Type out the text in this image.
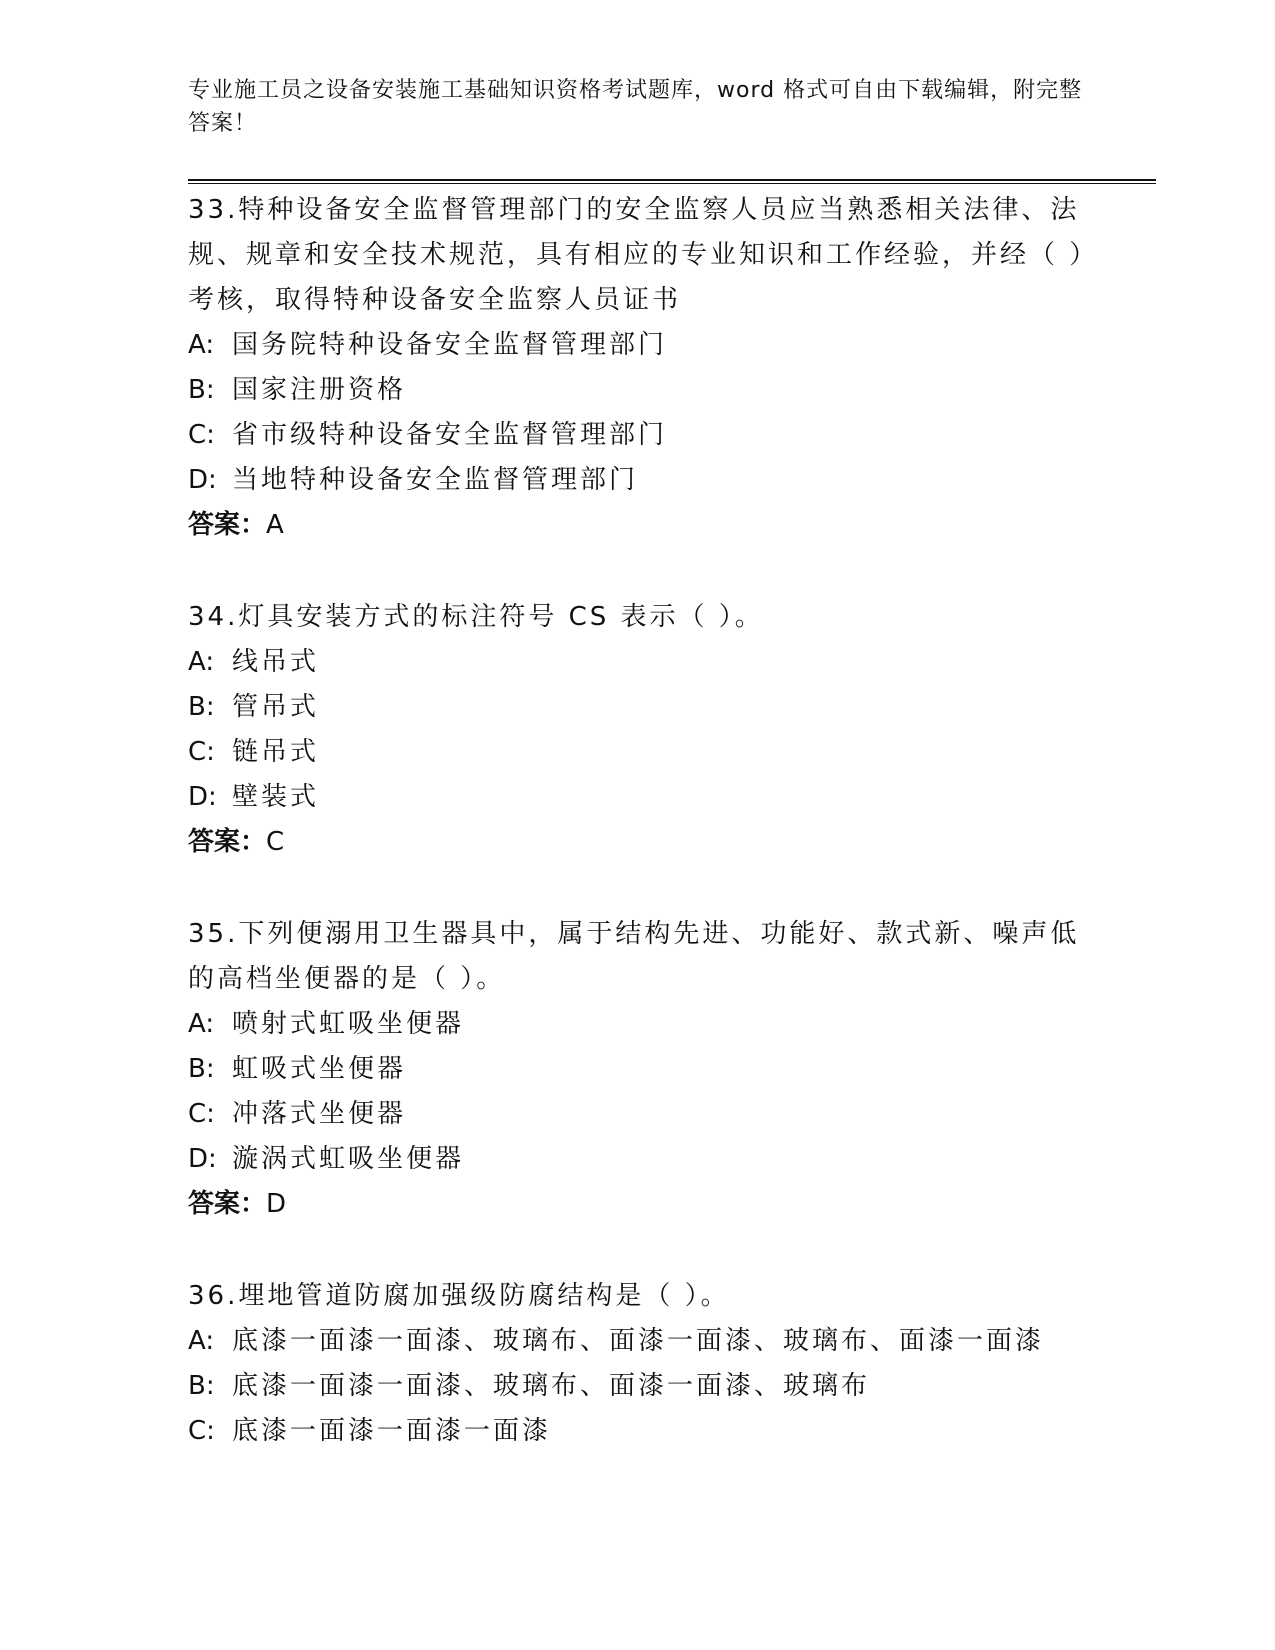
专业施工员之设备安装施工基础知识资格考试题库，word 格式可自由下载编辑，附完整答案！

33.特种设备安全监督管理部门的安全监察人员应当熟悉相关法律、法规、规章和安全技术规范，具有相应的专业知识和工作经验，并经（ ）考核，取得特种设备安全监察人员证书

A: 国务院特种设备安全监督管理部门

B: 国家注册资格

C: 省市级特种设备安全监督管理部门

D: 当地特种设备安全监督管理部门

答案：A

34.灯具安装方式的标注符号 CS 表示（ ）。

A: 线吊式

B: 管吊式

C: 链吊式

D: 壁装式

答案：C

35.下列便溺用卫生器具中，属于结构先进、功能好、款式新、噪声低的高档坐便器的是（ ）。

A: 喷射式虹吸坐便器

B: 虹吸式坐便器

C: 冲落式坐便器

D: 漩涡式虹吸坐便器

答案：D

36.埋地管道防腐加强级防腐结构是（ ）。

A: 底漆一面漆一面漆、玻璃布、面漆一面漆、玻璃布、面漆一面漆

B: 底漆一面漆一面漆、玻璃布、面漆一面漆、玻璃布

C: 底漆一面漆一面漆一面漆
